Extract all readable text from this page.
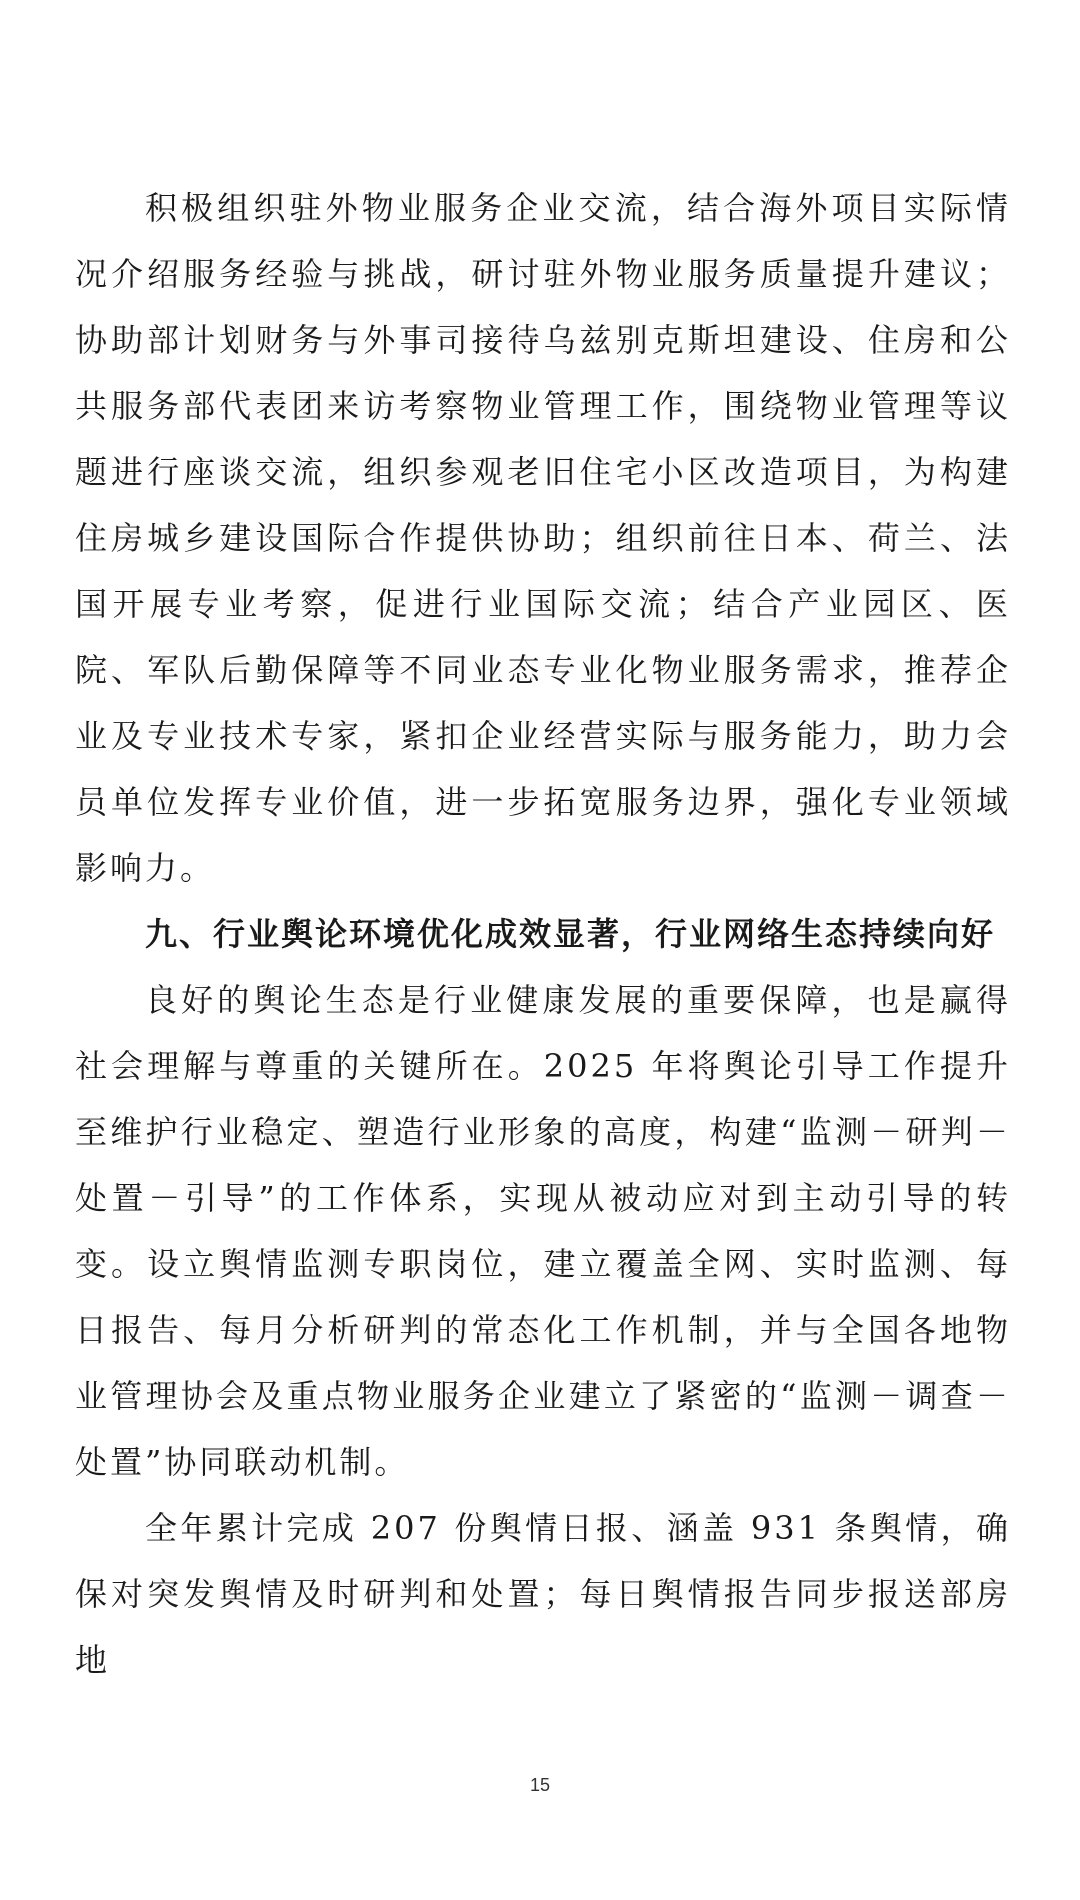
积极组织驻外物业服务企业交流，结合海外项目实际情况介绍服务经验与挑战，研讨驻外物业服务质量提升建议；协助部计划财务与外事司接待乌兹别克斯坦建设、住房和公共服务部代表团来访考察物业管理工作，围绕物业管理等议题进行座谈交流，组织参观老旧住宅小区改造项目，为构建住房城乡建设国际合作提供协助；组织前往日本、荷兰、法国开展专业考察，促进行业国际交流；结合产业园区、医院、军队后勤保障等不同业态专业化物业服务需求，推荐企业及专业技术专家，紧扣企业经营实际与服务能力，助力会员单位发挥专业价值，进一步拓宽服务边界，强化专业领域影响力。

九、行业舆论环境优化成效显著，行业网络生态持续向好

良好的舆论生态是行业健康发展的重要保障，也是赢得社会理解与尊重的关键所在。2025 年将舆论引导工作提升至维护行业稳定、塑造行业形象的高度，构建“监测－研判－处置－引导”的工作体系，实现从被动应对到主动引导的转变。设立舆情监测专职岗位，建立覆盖全网、实时监测、每日报告、每月分析研判的常态化工作机制，并与全国各地物业管理协会及重点物业服务企业建立了紧密的“监测－调查－处置”协同联动机制。

全年累计完成 207 份舆情日报、涵盖 931 条舆情，确保对突发舆情及时研判和处置；每日舆情报告同步报送部房地

15
